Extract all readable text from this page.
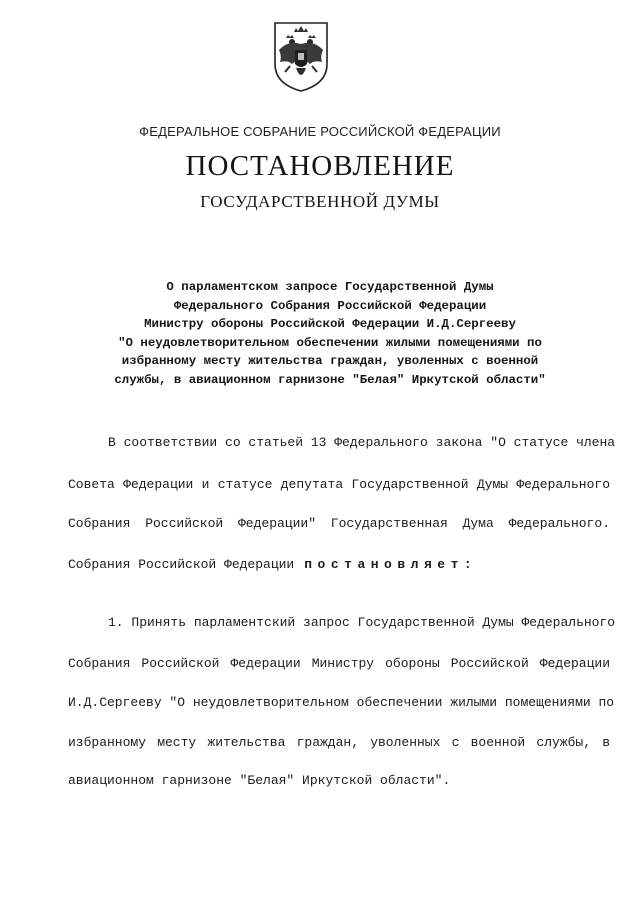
ФЕДЕРАЛЬНОЕ СОБРАНИЕ РОССИЙСКОЙ ФЕДЕРАЦИИ
ПОСТАНОВЛЕНИЕ
ГОСУДАРСТВЕННОЙ ДУМЫ
О парламентском запросе Государственной Думы
Федерального Собрания Российской Федерации
Министру обороны Российской Федерации И.Д.Сергееву
"О неудовлетворительном обеспечении жилыми помещениями по
избранному месту жительства граждан, уволенных с военной
службы, в авиационном гарнизоне "Белая" Иркутской области"
В соответствии со статьей 13 Федерального закона "О статусе члена
Совета Федерации и статусе депутата Государственной Думы Федерального
Собрания Российской Федерации" Государственная Дума Федерального.
Собрания Российской Федерации постановляет:
1. Принять парламентский запрос Государственной Думы Федерального
Собрания Российской Федерации Министру обороны Российской Федерации
И.Д.Сергееву "О неудовлетворительном обеспечении жилыми помещениями по
избранному месту жительства граждан, уволенных с военной службы, в
авиационном гарнизоне "Белая" Иркутской области".
